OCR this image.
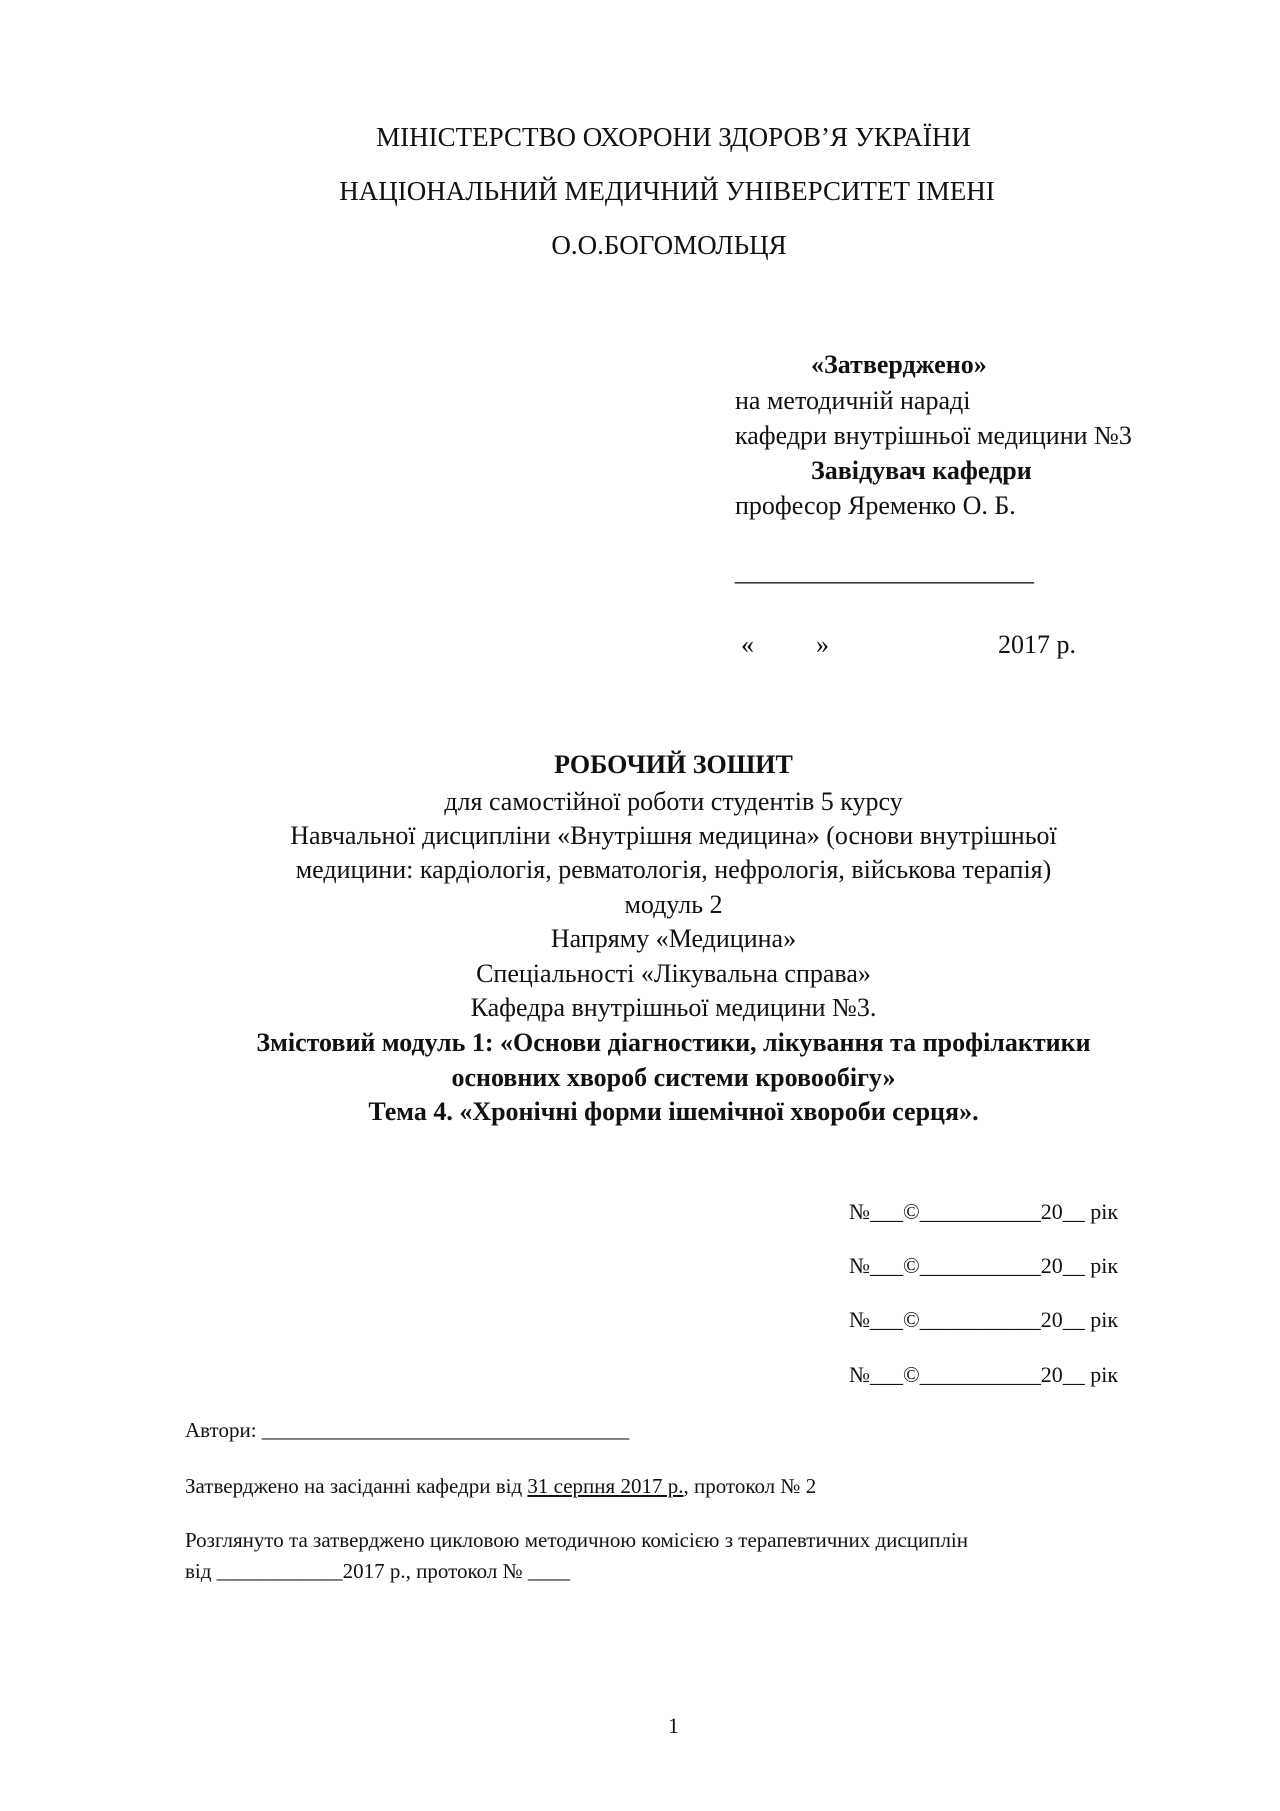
МІНІСТЕРСТВО ОХОРОНИ ЗДОРОВ’Я УКРАЇНИ
НАЦІОНАЛЬНИЙ МЕДИЧНИЙ УНІВЕРСИТЕТ ІМЕНІ
О.О.БОГОМОЛЬЦЯ
«Затверджено»
на методичній нараді
кафедри внутрішньої медицини №3
Завідувач кафедри
професор Яременко О. Б.
_______________________
« »	2017 р.
РОБОЧИЙ ЗОШИТ
для самостійної роботи студентів 5 курсу
Навчальної дисципліни «Внутрішня медицина» (основи внутрішньої
медицини: кардіологія, ревматологія, нефрологія, військова терапія)
модуль 2
Напряму «Медицина»
Спеціальності «Лікувальна справа»
Кафедра внутрішньої медицини №3.
Змістовий модуль 1: «Основи діагностики, лікування та профілактики
основних хвороб системи кровообігу»
Тема 4. «Хронічні форми ішемічної хвороби серця».
№___©___________20__ рік
№___©___________20__ рік
№___©___________20__ рік
№___©___________20__ рік
Автори: ___________________________________
Затверджено на засіданні кафедри від 31 серпня 2017 р., протокол № 2
Розглянуто та затверджено цикловою методичною комісією з терапевтичних дисциплін
від ____________2017 р., протокол № ____
1
